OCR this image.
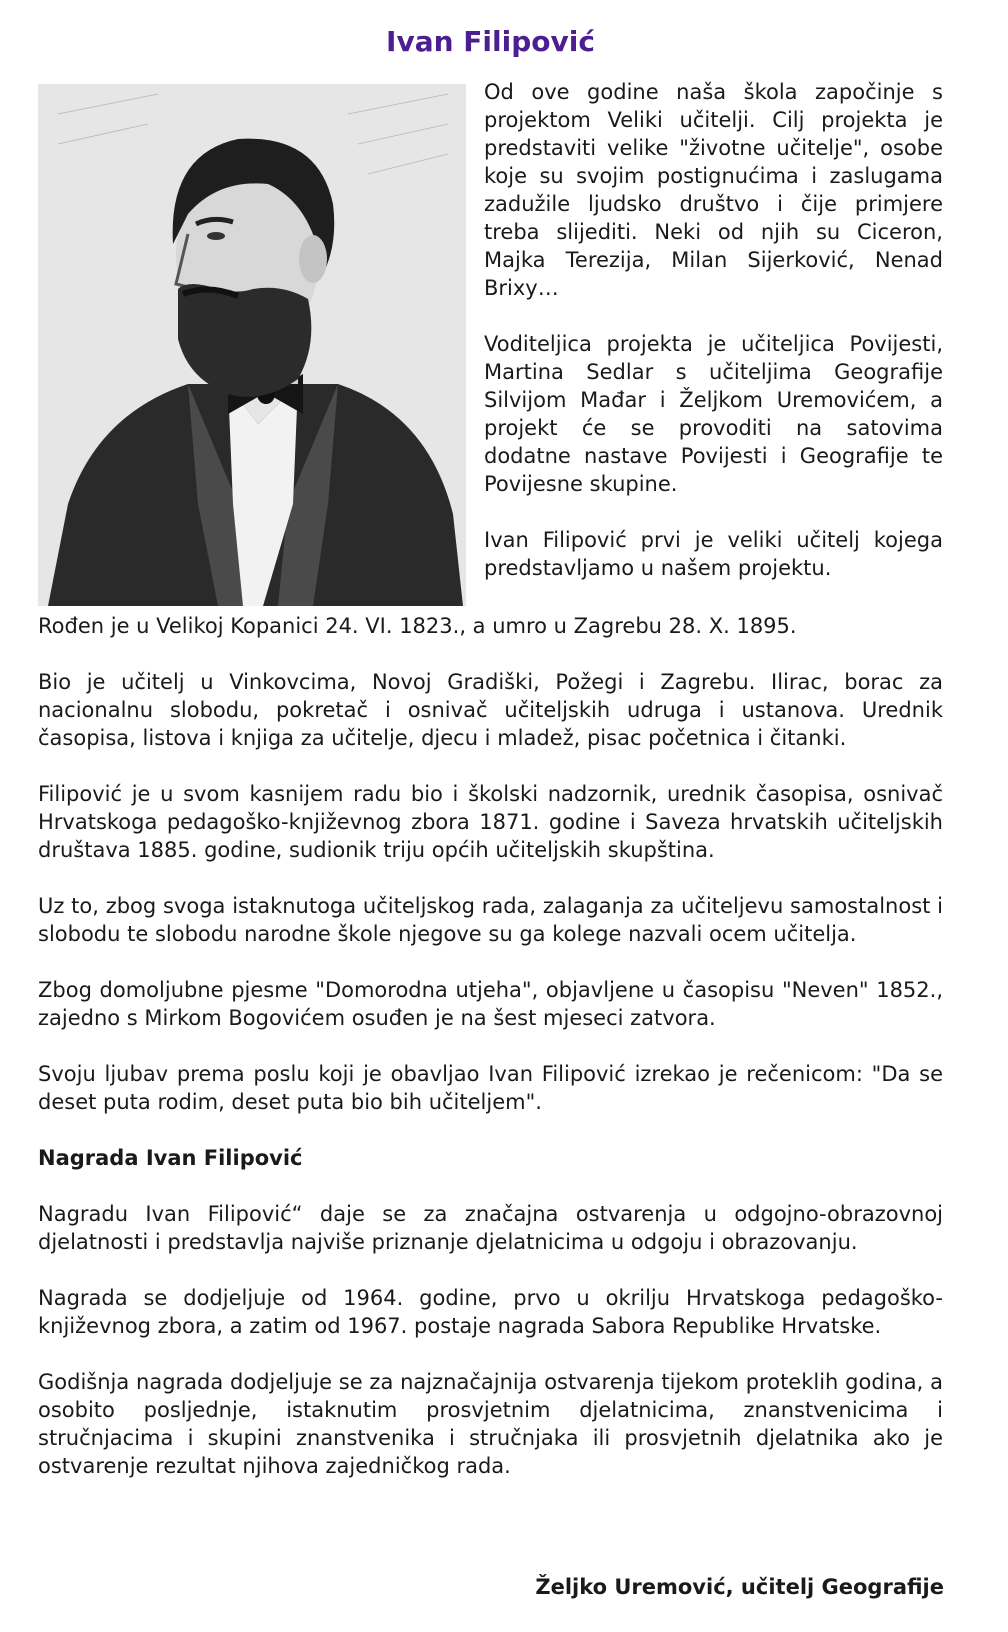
Ivan Filipović

Od ove godine naša škola započinje s projektom Veliki učitelji. Cilj projekta je predstaviti velike "životne učitelje", osobe koje su svojim postignućima i zaslugama zadužile ljudsko društvo i čije primjere treba slijediti. Neki od njih su Ciceron, Majka Terezija, Milan Sijerković, Nenad Brixy…

Voditeljica projekta je učiteljica Povijesti, Martina Sedlar s učiteljima Geografije Silvijom Mađar i Željkom Uremovićem, a projekt će se provoditi na satovima dodatne nastave Povijesti i Geografije te Povijesne skupine.

Ivan Filipović prvi je veliki učitelj kojega predstavljamo u našem projektu.

Rođen je u Velikoj Kopanici 24. VI. 1823., a umro u Zagrebu 28. X. 1895.

Bio je učitelj u Vinkovcima, Novoj Gradiški, Požegi i Zagrebu. Ilirac, borac za nacionalnu slobodu, pokretač i osnivač učiteljskih udruga i ustanova. Urednik časopisa, listova i knjiga za učitelje, djecu i mladež, pisac početnica i čitanki.

Filipović je u svom kasnijem radu bio i školski nadzornik, urednik časopisa, osnivač Hrvatskoga pedagoško-književnog zbora 1871. godine i Saveza hrvatskih učiteljskih društava 1885. godine, sudionik triju općih učiteljskih skupština.

Uz to, zbog svoga istaknutoga učiteljskog rada, zalaganja za učiteljevu samostalnost i slobodu te slobodu narodne škole njegove su ga kolege nazvali ocem učitelja.

Zbog domoljubne pjesme "Domorodna utjeha", objavljene u časopisu "Neven" 1852., zajedno s Mirkom Bogovićem osuđen je na šest mjeseci zatvora.

Svoju ljubav prema poslu koji je obavljao Ivan Filipović izrekao je rečenicom: "Da se deset puta rodim, deset puta bio bih učiteljem".

Nagrada Ivan Filipović

Nagradu Ivan Filipović“ daje se za značajna ostvarenja u odgojno-obrazovnoj djelatnosti i predstavlja najviše priznanje djelatnicima u odgoju i obrazovanju.

Nagrada se dodjeljuje od 1964. godine, prvo u okrilju Hrvatskoga pedagoško-književnog zbora, a zatim od 1967. postaje nagrada Sabora Republike Hrvatske.

Godišnja nagrada dodjeljuje se za najznačajnija ostvarenja tijekom proteklih godina, a osobito posljednje, istaknutim prosvjetnim djelatnicima, znanstvenicima i stručnjacima i skupini znanstvenika i stručnjaka ili prosvjetnih djelatnika ako je ostvarenje rezultat njihova zajedničkog rada.

Željko Uremović, učitelj Geografije
